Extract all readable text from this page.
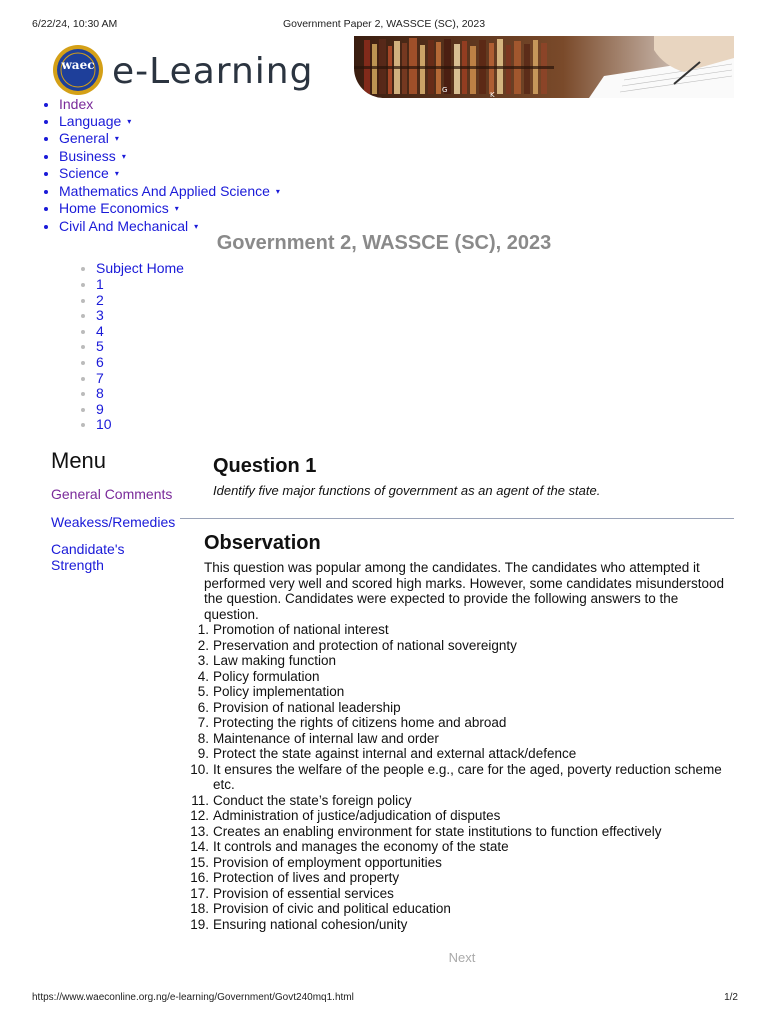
6/22/24, 10:30 AM	Government Paper 2, WASSCE (SC), 2023
waec e-Learning	G
K
• Index
• Language ▾
• General ▾
• Business ▾
• Science ▾
• Mathematics And Applied Science ▾
• Home Economics ▾
• Civil And Mechanical ▾
Government 2, WASSCE (SC), 2023
• Subject Home
• 1
• 2
• 3
• 4
• 5
• 6
• 7
• 8
• 9
• 10
Menu
General Comments
Weakess/Remedies
Candidate's
Strength
Question 1
Identify five major functions of government as an agent of the state.
Observation

This question was popular among the candidates. The candidates who attempted it performed very well and scored high marks. However, some candidates misunderstood the question. Candidates were expected to provide the following answers to the question.

1. Promotion of national interest
2. Preservation and protection of national sovereignty
3. Law making function
4. Policy formulation
5. Policy implementation
6. Provision of national leadership
7. Protecting the rights of citizens home and abroad
8. Maintenance of internal law and order
9. Protect the state against internal and external attack/defence
10. It ensures the welfare of the people e.g., care for the aged, poverty reduction scheme etc.
11. Conduct the state’s foreign policy
12. Administration of justice/adjudication of disputes
13. Creates an enabling environment for state institutions to function effectively
14. It controls and manages the economy of the state
15. Provision of employment opportunities
16. Protection of lives and property
17. Provision of essential services
18. Provision of civic and political education
19. Ensuring national cohesion/unity
Next
https://www.waeconline.org.ng/e-learning/Government/Govt240mq1.html	1/2
